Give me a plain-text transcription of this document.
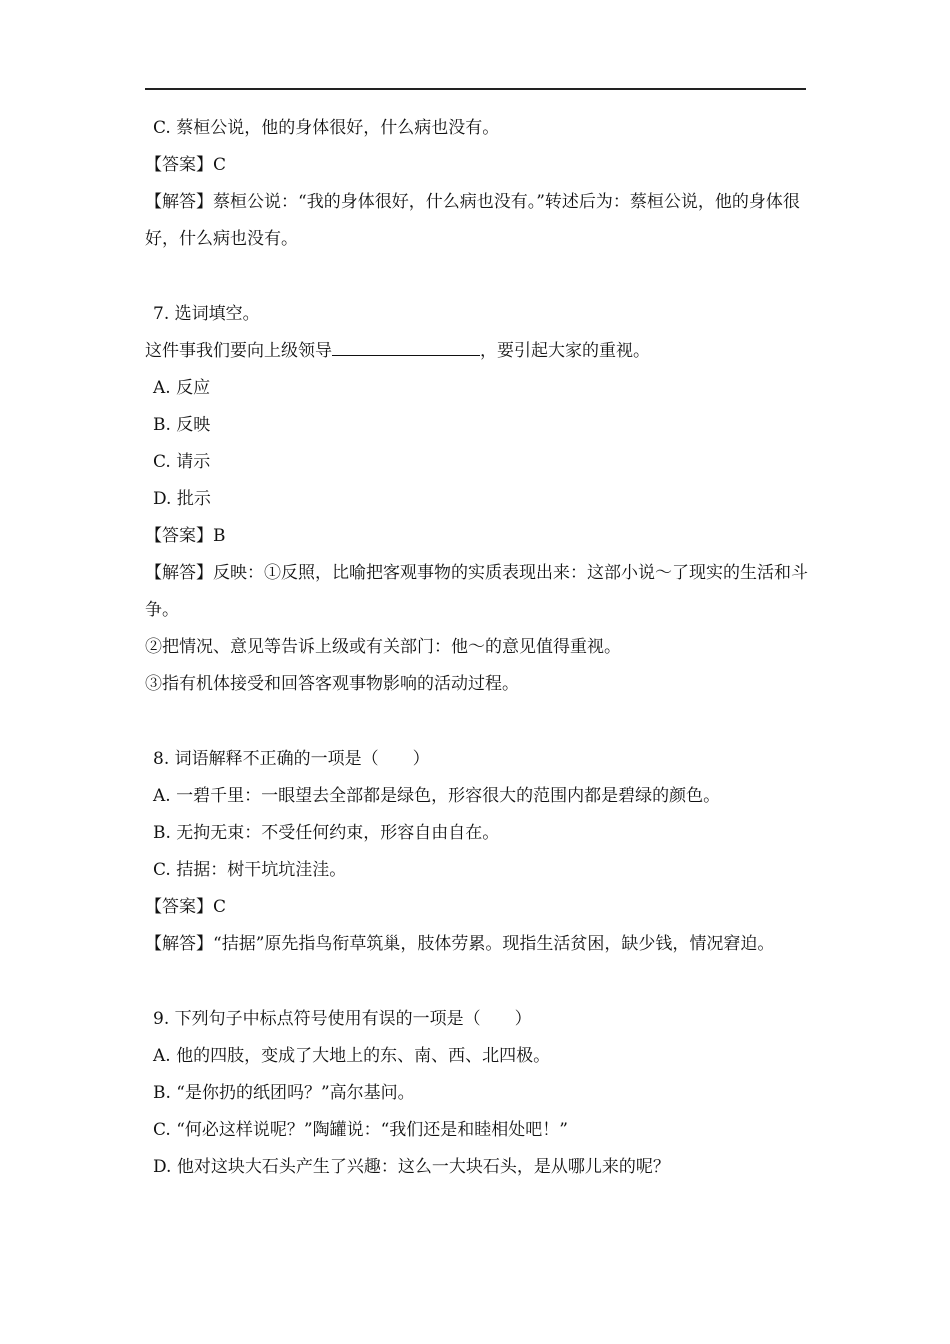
C. 蔡桓公说，他的身体很好，什么病也没有。
【答案】C
【解答】蔡桓公说：“我的身体很好，什么病也没有。”转述后为：蔡桓公说，他的身体很好，什么病也没有。
7. 选词填空。
这件事我们要向上级领导	，要引起大家的重视。
A. 反应
B. 反映
C. 请示
D. 批示
【答案】B
【解答】反映：①反照，比喻把客观事物的实质表现出来：这部小说～了现实的生活和斗争。
②把情况、意见等告诉上级或有关部门：他～的意见值得重视。
③指有机体接受和回答客观事物影响的活动过程。
8. 词语解释不正确的一项是（　　）
A. 一碧千里：一眼望去全部都是绿色，形容很大的范围内都是碧绿的颜色。
B. 无拘无束：不受任何约束，形容自由自在。
C. 拮据：树干坑坑洼洼。
【答案】C
【解答】“拮据”原先指鸟衔草筑巢，肢体劳累。现指生活贫困，缺少钱，情况窘迫。
9. 下列句子中标点符号使用有误的一项是（　　）
A. 他的四肢，变成了大地上的东、南、西、北四极。
B. “是你扔的纸团吗？”高尔基问。
C. “何必这样说呢？”陶罐说：“我们还是和睦相处吧！”
D. 他对这块大石头产生了兴趣：这么一大块石头，是从哪儿来的呢？
